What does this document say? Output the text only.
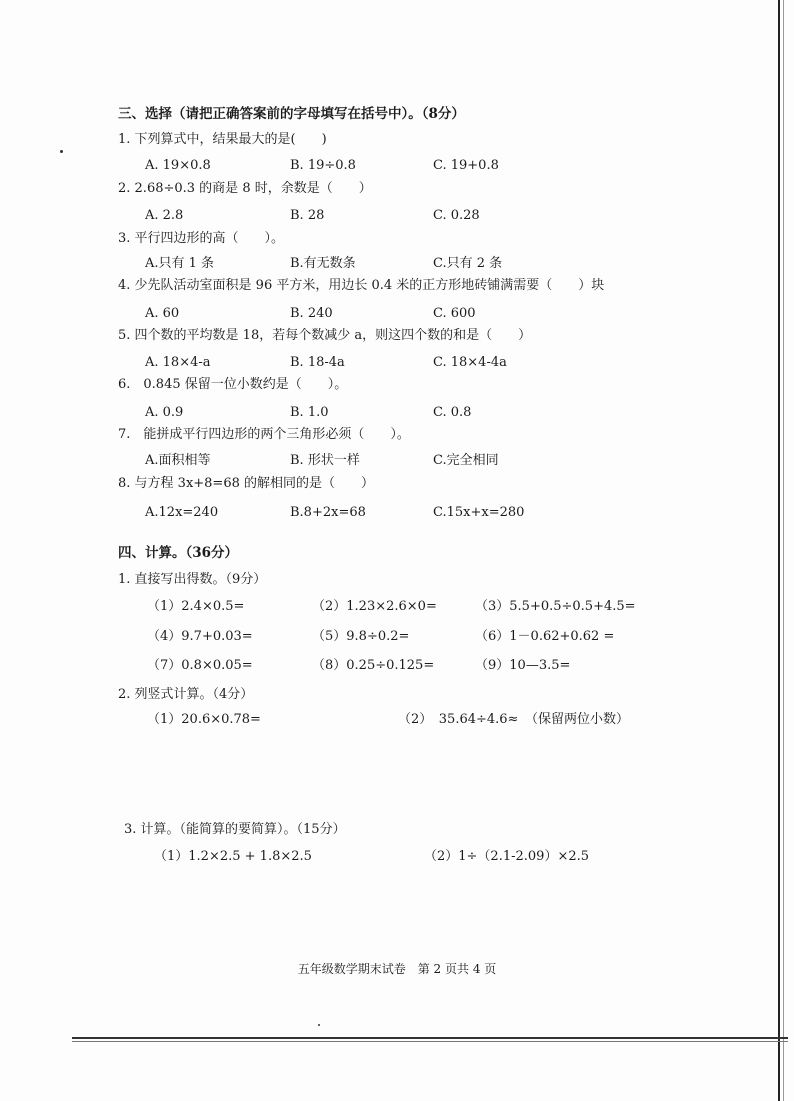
三、选择（请把正确答案前的字母填写在括号中）。（8分）
1. 下列算式中，结果最大的是(　　)
A. 19×0.8	B. 19÷0.8	C. 19+0.8
2. 2.68÷0.3 的商是 8 时，余数是（　　）
A. 2.8	B. 28	C. 0.28
3. 平行四边形的高（　　）。
A.只有 1 条	B.有无数条	C.只有 2 条
4. 少先队活动室面积是 96 平方米，用边长 0.4 米的正方形地砖铺满需要（　　）块
A. 60	B. 240	C. 600
5. 四个数的平均数是 18，若每个数减少 a，则这四个数的和是（　　）
A. 18×4-a	B. 18-4a	C. 18×4-4a
6.　0.845 保留一位小数约是（　　）。
A. 0.9	B. 1.0	C. 0.8
7.　能拼成平行四边形的两个三角形必须（　　）。
A.面积相等	B. 形状一样	C.完全相同
8. 与方程 3x+8=68 的解相同的是（　　）
A.12x=240	B.8+2x=68	C.15x+x=280
四、计算。（36分）
1. 直接写出得数。（9分）
（1）2.4×0.5=	（2）1.23×2.6×0=	（3）5.5+0.5÷0.5+4.5=
（4）9.7+0.03=	（5）9.8÷0.2=	（6）1－0.62+0.62 =
（7）0.8×0.05=	（8）0.25÷0.125=	（9）10—3.5=
2. 列竖式计算。（4分）
（1）20.6×0.78=	（2）　35.64÷4.6≈　（保留两位小数）
3. 计算。（能简算的要简算）。（15分）
（1）1.2×2.5 + 1.8×2.5	（2）1÷（2.1-2.09）×2.5
五年级数学期末试卷　第 2 页共 4 页
